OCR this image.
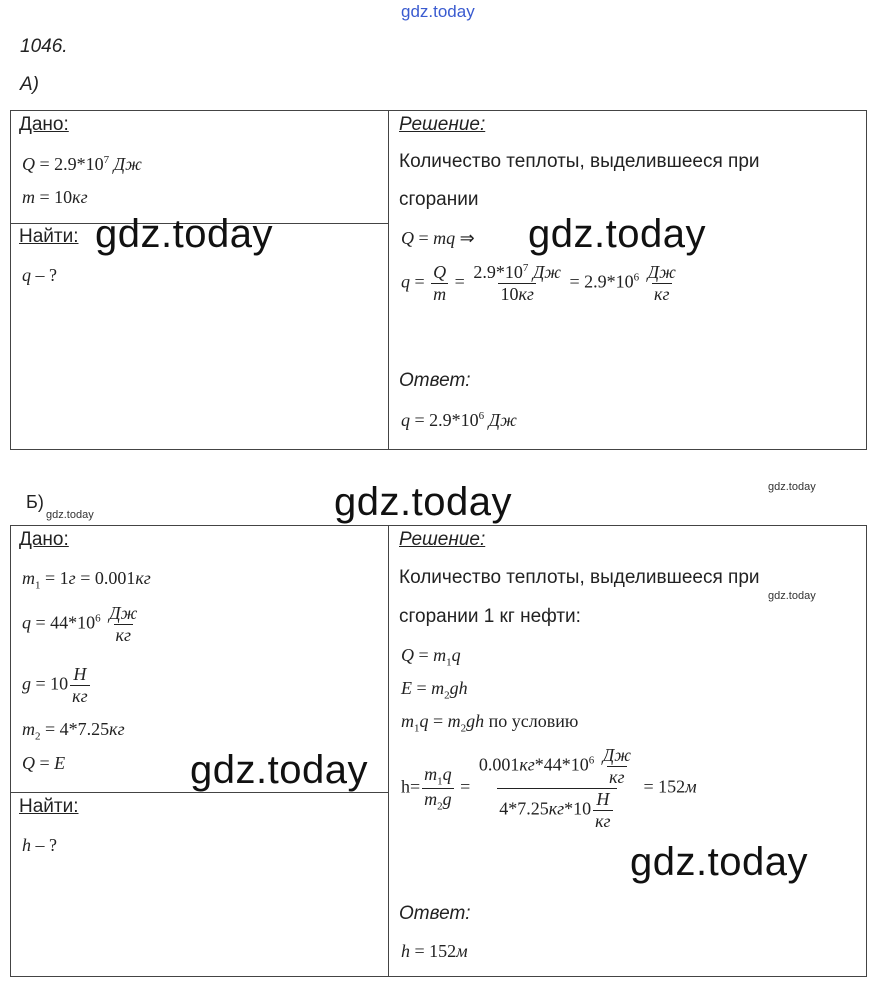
gdz.today
1046.
А)
Дано:
$Q = 2.9*10^7$ Дж
m = 10кг
Найти:
q – ?
Решение:
Количество теплоты, выделившееся при
сгорании
Q = mq ⇒
$q = \frac{Q}{m} = \frac{2.9*10^7 Дж}{10кг} = 2.9*10^6 \frac{Дж}{кг}$
Ответ:
$q = 2.9*10^6$ Дж
gdz.today	gdz.today
Б)
gdz.today	gdz.today	gdz.today
Дано:
$m_1 = 1г = 0.001кг$
$q = 44*10^6 \frac{Дж}{кг}$
$g = 10 \frac{Н}{кг}$
$m_2 = 4*7.25кг$
Q = E
Найти:
h – ?
Решение:
Количество теплоты, выделившееся при
сгорании 1 кг нефти:
gdz.today
$Q = m_1q$
$E = m_2gh$
$m_1q = m_2gh$ по условию
$h= \frac{m_1q}{m_2g} = \frac{0.001кг*44*10^6 \frac{Дж}{кг}}{4*7.25кг*10 \frac{Н}{кг}} = 152м$
Ответ:
h = 152м
gdz.today
gdz.today
